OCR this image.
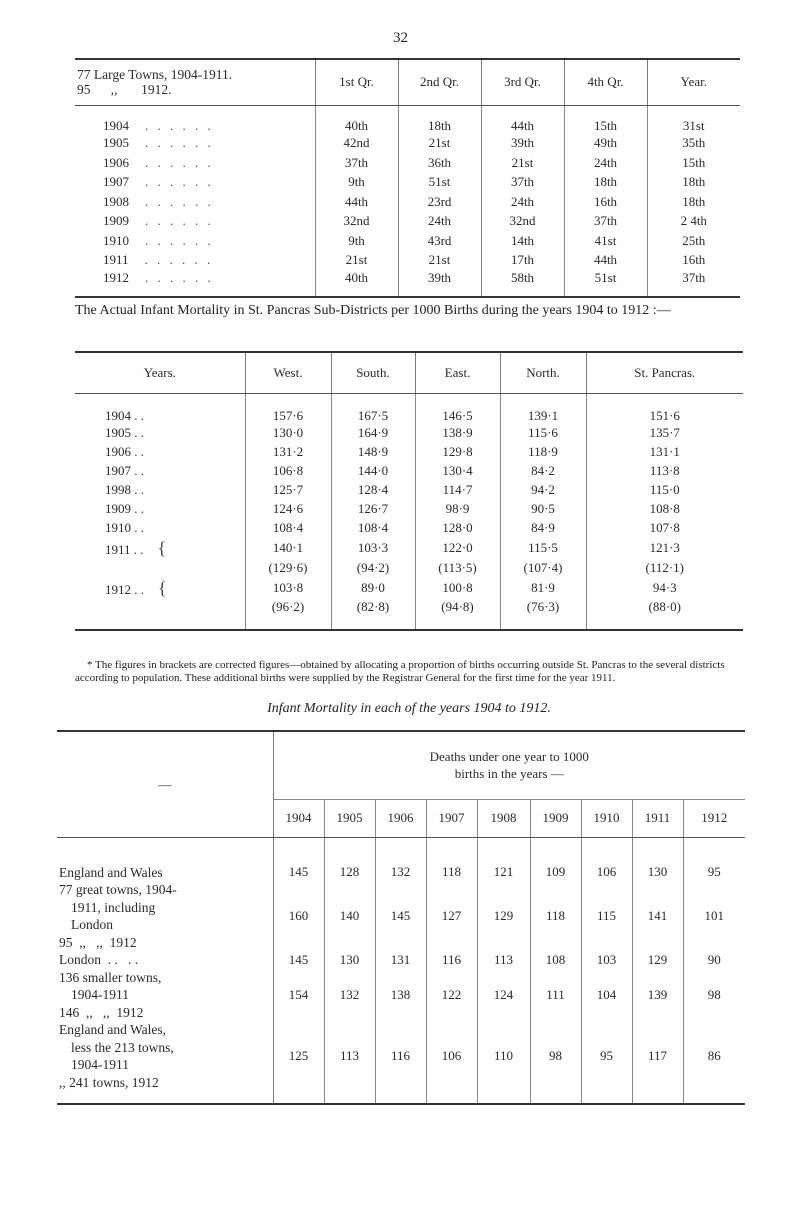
32
77 Large Towns, 1904-1911.
95      ,,       1912.	1st Qr.	2nd Qr.	3rd Qr.	4th Qr.	Year.
1904 . . . . . .	40th	18th	44th	15th	31st
1905 . . . . . .	42nd	21st	39th	49th	35th
1906 . . . . . .	37th	36th	21st	24th	15th
1907 . . . . . .	9th	51st	37th	18th	18th
1908 . . . . . .	44th	23rd	24th	16th	18th
1909 . . . . . .	32nd	24th	32nd	37th	2 4th
1910 . . . . . .	9th	43rd	14th	41st	25th
1911 . . . . . .	21st	21st	17th	44th	16th
1912 . . . . . .	40th	39th	58th	51st	37th
The Actual Infant Mortality in St. Pancras Sub-Districts per 1000 Births during the years 1904 to 1912 :—
Years.	West.	South.	East.	North.	St. Pancras.
1904 . .	157·6	167·5	146·5	139·1	151·6
1905 . .	130·0	164·9	138·9	115·6	135·7
1906 . .	131·2	148·9	129·8	118·9	131·1
1907 . .	106·8	144·0	130·4	84·2	113·8
1998 . .	125·7	128·4	114·7	94·2	115·0
1909 . .	124·6	126·7	98·9	90·5	108·8
1910 . .	108·4	108·4	128·0	84·9	107·8
1911 . . {	140·1	103·3	122·0	115·5	121·3
	(129·6)	(94·2)	(113·5)	(107·4)	(112·1)
1912 . . {	103·8	89·0	100·8	81·9	94·3
	(96·2)	(82·8)	(94·8)	(76·3)	(88·0)
* The figures in brackets are corrected figures—obtained by allocating a proportion of births occurring outside St. Pancras to the several districts according to population. These additional births were supplied by the Registrar General for the first time for the year 1911.
Infant Mortality in each of the years 1904 to 1912.
—	Deaths under one year to 1000
births in the years —								

	1904	1905	1906	1907	1908	1909	1910	1911	1912

England and Wales	145	128	132	118	121	109	106	130	95

77 great towns, 1904-
1911, including
London
95  ,,   ,,  1912	160	140	145	127	129	118	115	141	101

London  . .   . .	145	130	131	116	113	108	103	129	90

136 smaller towns,
1904-1911
146  ,,   ,,  1912	154	132	138	122	124	111	104	139	98

England and Wales,
less the 213 towns,
1904-1911
,, 241 towns, 1912	125	113	116	106	110	98	95	117	86
